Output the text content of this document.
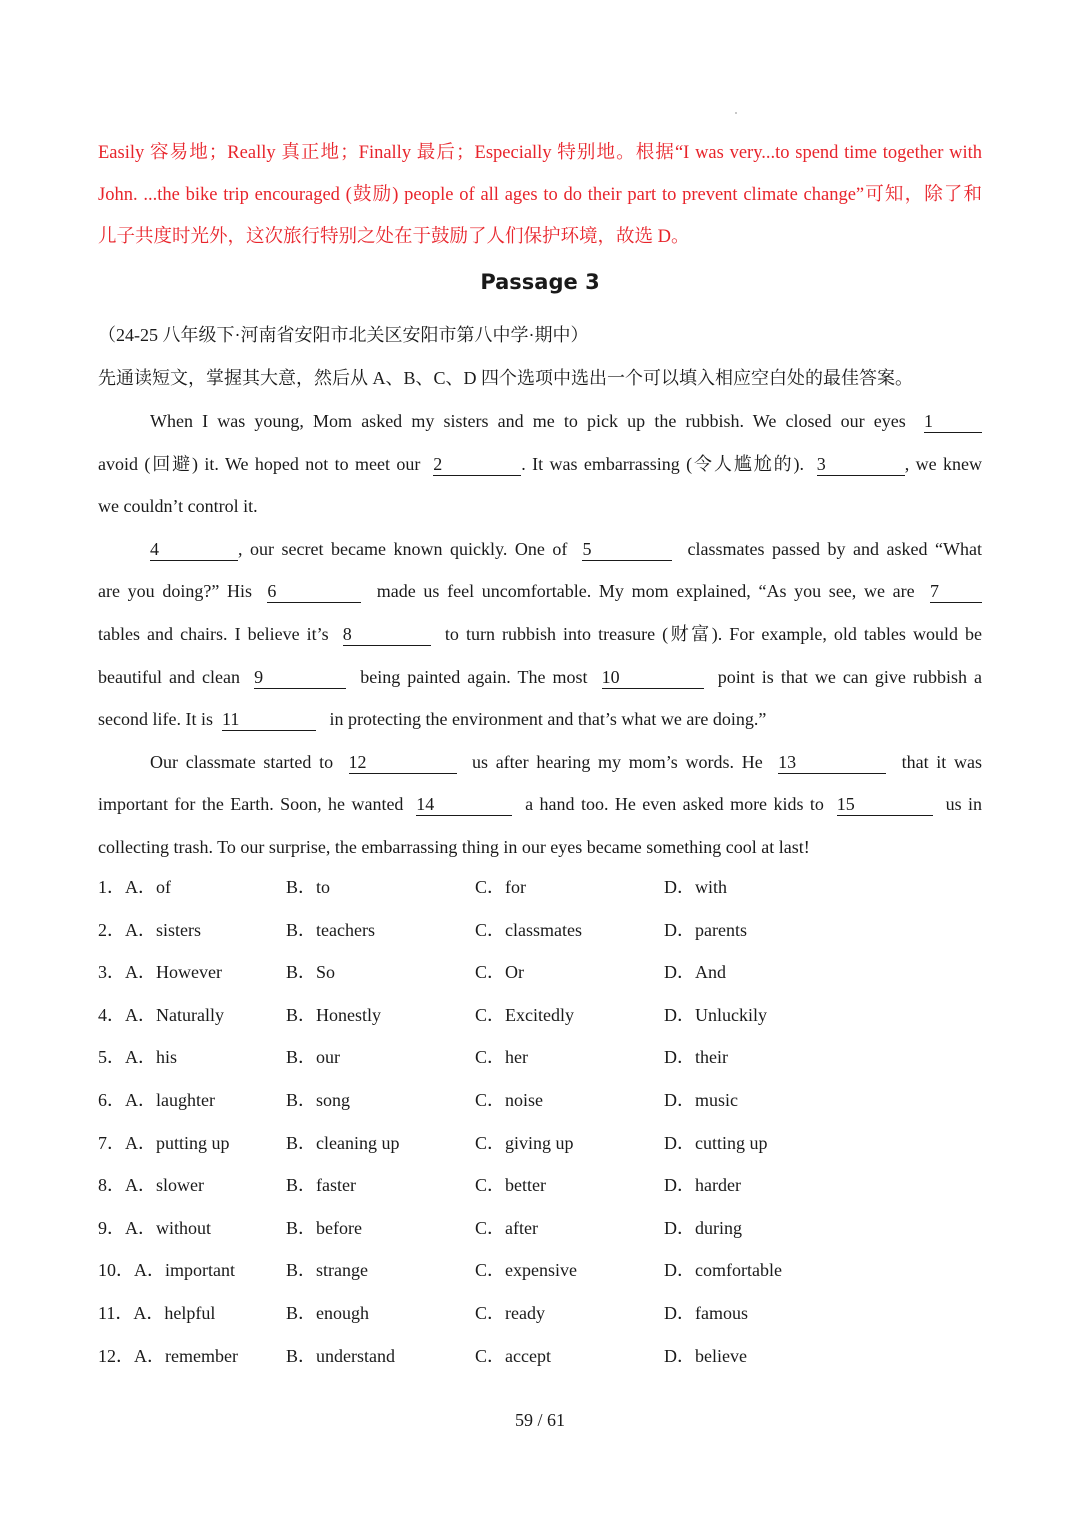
Easily 容易地；Really 真正地；Finally 最后；Especially 特别地。根据“I was very...to spend time together with
John. ...the bike trip encouraged (鼓励) people of all ages to do their part to prevent climate change”可知，除了和
儿子共度时光外，这次旅行特别之处在于鼓励了人们保护环境，故选 D。
Passage 3
（24-25 八年级下·河南省安阳市北关区安阳市第八中学·期中）
先通读短文，掌握其大意，然后从 A、B、C、D 四个选项中选出一个可以填入相应空白处的最佳答案。
When I was young, Mom asked my sisters and me to pick up the rubbish. We closed our eyes 1
avoid (回避) it. We hoped not to meet our 2	. It was embarrassing (令人尴尬的). 3	, we knew
we couldn’t control it.
4	, our secret became known quickly. One of 5	classmates passed by and asked “What
are you doing?” His 6	made us feel uncomfortable. My mom explained, “As you see, we are 7
tables and chairs. I believe it’s 8	to turn rubbish into treasure (财富). For example, old tables would be
beautiful and clean 9	being painted again. The most 10	point is that we can give rubbish a
second life. It is 11	in protecting the environment and that’s what we are doing.”
Our classmate started to 12	us after hearing my mom’s words. He 13	that it was
important for the Earth. Soon, he wanted 14	a hand too. He even asked more kids to 15	us in
collecting trash. To our surprise, the embarrassing thing in our eyes became something cool at last!
1．A．of	B．to	C．for	D．with
2．A．sisters	B．teachers	C．classmates	D．parents
3．A．However	B．So	C．Or	D．And
4．A．Naturally	B．Honestly	C．Excitedly	D．Unluckily
5．A．his	B．our	C．her	D．their
6．A．laughter	B．song	C．noise	D．music
7．A．putting up	B．cleaning up	C．giving up	D．cutting up
8．A．slower	B．faster	C．better	D．harder
9．A．without	B．before	C．after	D．during
10．A．important	B．strange	C．expensive	D．comfortable
11．A．helpful	B．enough	C．ready	D．famous
12．A．remember	B．understand	C．accept	D．believe
59 / 61
